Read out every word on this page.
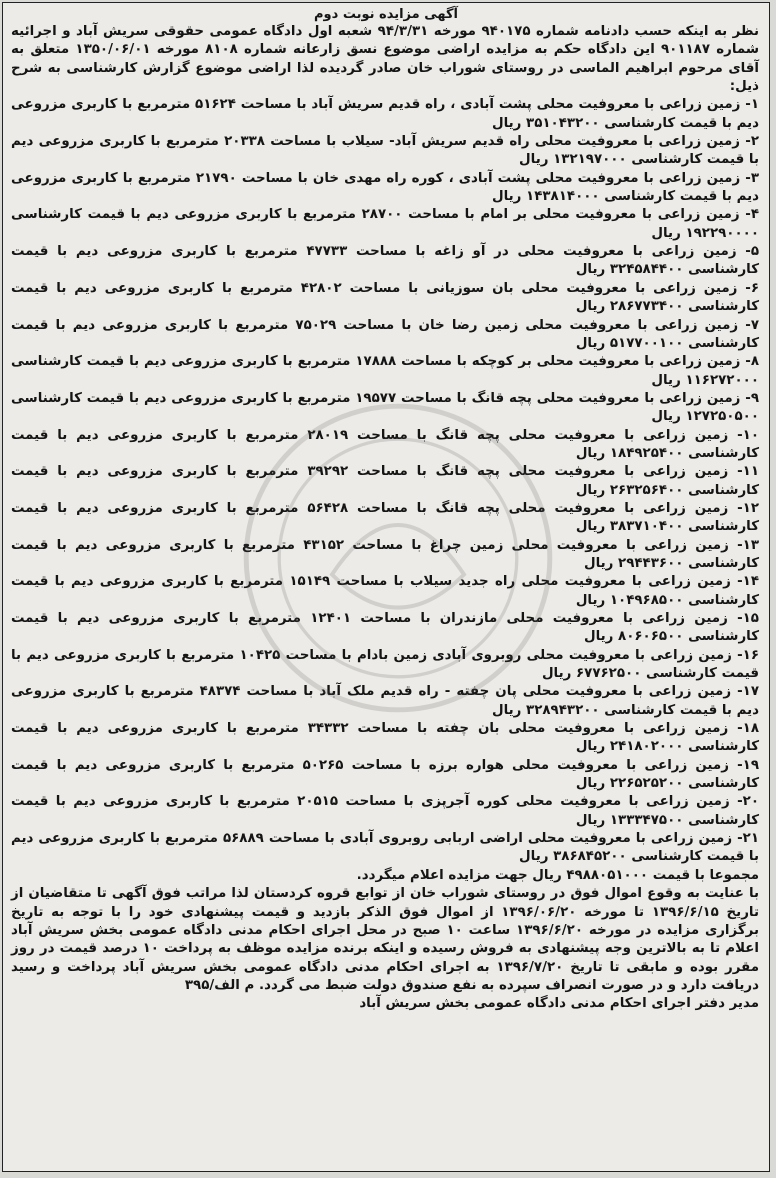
آگهی مزایده نوبت دوم

نظر به اینکه حسب دادنامه شماره ۹۴۰۱۷۵ مورخه ۹۴/۳/۳۱ شعبه اول دادگاه عمومی حقوقی سریش آباد و اجرائیه شماره ۹۰۱۱۸۷ این دادگاه حکم به مزایده اراضی موضوع نسق زارعانه شماره ۸۱۰۸ مورخه ۱۳۵۰/۰۶/۰۱ متعلق به آقای مرحوم ابراهیم الماسی در روستای شوراب خان صادر گردیده لذا اراضی موضوع گزارش کارشناسی به شرح ذیل:

۱- زمین زراعی با معروفیت محلی پشت آبادی ، راه قدیم سریش آباد با مساحت ۵۱۶۲۴ مترمربع با کاربری مزروعی دیم با قیمت کارشناسی ۳۵۱۰۴۳۲۰۰ ریال

۲- زمین زراعی با معروفیت محلی راه قدیم سریش آباد- سیلاب با مساحت ۲۰۳۳۸ مترمربع با کاربری مزروعی دیم با قیمت کارشناسی ۱۳۲۱۹۷۰۰۰ ریال

۳- زمین زراعی با معروفیت محلی پشت آبادی ، کوره راه مهدی خان با مساحت ۲۱۷۹۰ مترمربع با کاربری مزروعی دیم با قیمت کارشناسی ۱۴۳۸۱۴۰۰۰ ریال

۴- زمین زراعی با معروفیت محلی بر امام با مساحت ۲۸۷۰۰ مترمربع با کاربری مزروعی دیم با قیمت کارشناسی ۱۹۲۲۹۰۰۰۰ ریال

۵- زمین زراعی با معروفیت محلی در آو زاغه با مساحت ۴۷۷۳۳ مترمربع با کاربری مزروعی دیم با قیمت کارشناسی ۳۲۴۵۸۴۴۰۰ ریال

۶- زمین زراعی با معروفیت محلی بان سوزیانی با مساحت ۴۲۸۰۲ مترمربع با کاربری مزروعی دیم با قیمت کارشناسی ۲۸۶۷۷۳۴۰۰ ریال

۷- زمین زراعی با معروفیت محلی زمین رضا خان با مساحت ۷۵۰۲۹ مترمربع با کاربری مزروعی دیم با قیمت کارشناسی ۵۱۷۷۰۰۱۰۰ ریال

۸- زمین زراعی با معروفیت محلی بر کوچکه با مساحت ۱۷۸۸۸ مترمربع با کاربری مزروعی دیم با قیمت کارشناسی ۱۱۶۲۷۲۰۰۰ ریال

۹- زمین زراعی با معروفیت محلی پچه قانگ با مساحت ۱۹۵۷۷ مترمربع با کاربری مزروعی دیم با قیمت کارشناسی ۱۲۷۲۵۰۵۰۰ ریال

۱۰- زمین زراعی با معروفیت محلی پچه قانگ با مساحت ۲۸۰۱۹ مترمربع با کاربری مزروعی دیم با قیمت کارشناسی ۱۸۴۹۲۵۴۰۰ ریال

۱۱- زمین زراعی با معروفیت محلی پچه قانگ با مساحت ۳۹۲۹۲ مترمربع با کاربری مزروعی دیم با قیمت کارشناسی ۲۶۳۲۵۶۴۰۰ ریال

۱۲- زمین زراعی با معروفیت محلی پچه قانگ با مساحت ۵۶۴۲۸ مترمربع با کاربری مزروعی دیم با قیمت کارشناسی ۳۸۳۷۱۰۴۰۰ ریال

۱۳- زمین زراعی با معروفیت محلی زمین چراغ با مساحت ۴۳۱۵۲ مترمربع با کاربری مزروعی دیم با قیمت کارشناسی ۲۹۴۴۳۶۰۰ ریال

۱۴- زمین زراعی با معروفیت محلی راه جدید سیلاب با مساحت ۱۵۱۴۹ مترمربع با کاربری مزروعی دیم با قیمت کارشناسی ۱۰۴۹۶۸۵۰۰ ریال

۱۵- زمین زراعی با معروفیت محلی مازندران با مساحت ۱۲۴۰۱ مترمربع با کاربری مزروعی دیم با قیمت کارشناسی ۸۰۶۰۶۵۰۰ ریال

۱۶- زمین زراعی با معروفیت محلی روبروی آبادی زمین بادام با مساحت ۱۰۴۲۵ مترمربع با کاربری مزروعی دیم با قیمت کارشناسی ۶۷۷۶۲۵۰۰ ریال

۱۷- زمین زراعی با معروفیت محلی پان چفته - راه قدیم ملک آباد با مساحت ۴۸۳۷۴ مترمربع با کاربری مزروعی دیم با قیمت کارشناسی ۳۲۸۹۴۳۲۰۰ ریال

۱۸- زمین زراعی با معروفیت محلی بان چفته با مساحت ۳۴۳۳۲ مترمربع با کاربری مزروعی دیم با قیمت کارشناسی ۲۴۱۸۰۲۰۰۰ ریال

۱۹- زمین زراعی با معروفیت محلی هواره برزه با مساحت ۵۰۲۶۵ مترمربع با کاربری مزروعی دیم با قیمت کارشناسی ۲۲۶۵۲۵۲۰۰ ریال

۲۰- زمین زراعی با معروفیت محلی کوره آجرپزی با مساحت ۲۰۵۱۵ مترمربع با کاربری مزروعی دیم با قیمت کارشناسی ۱۳۳۳۴۷۵۰۰ ریال

۲۱- زمین زراعی با معروفیت محلی اراضی اربابی روبروی آبادی با مساحت ۵۶۸۸۹ مترمربع با کاربری مزروعی دیم با قیمت کارشناسی ۳۸۶۸۴۵۲۰۰ ریال

مجموعا با قیمت ۴۹۸۸۰۵۱۰۰۰ ریال جهت مزایده اعلام میگردد.

با عنایت به وقوع اموال فوق در روستای شوراب خان از توابع قروه کردستان لذا مراتب فوق آگهی تا متقاضیان از تاریخ ۱۳۹۶/۶/۱۵ تا مورخه ۱۳۹۶/۰۶/۲۰ از اموال فوق الذکر بازدید و قیمت پیشنهادی خود را با توجه به تاریخ برگزاری مزایده در مورخه ۱۳۹۶/۶/۲۰ ساعت ۱۰ صبح در محل اجرای احکام مدنی دادگاه عمومی بخش سریش آباد اعلام تا به بالاترین وجه پیشنهادی به فروش رسیده و اینکه برنده مزایده موظف به پرداخت ۱۰ درصد قیمت در روز مقرر بوده و مابقی تا تاریخ ۱۳۹۶/۷/۲۰ به اجرای احکام مدنی دادگاه عمومی بخش سریش آباد پرداخت و رسید دریافت دارد و در صورت انصراف سپرده به نفع صندوق دولت ضبط می گردد. م الف/۳۹۵

مدیر دفتر اجرای احکام مدنی دادگاه عمومی بخش سریش آباد
